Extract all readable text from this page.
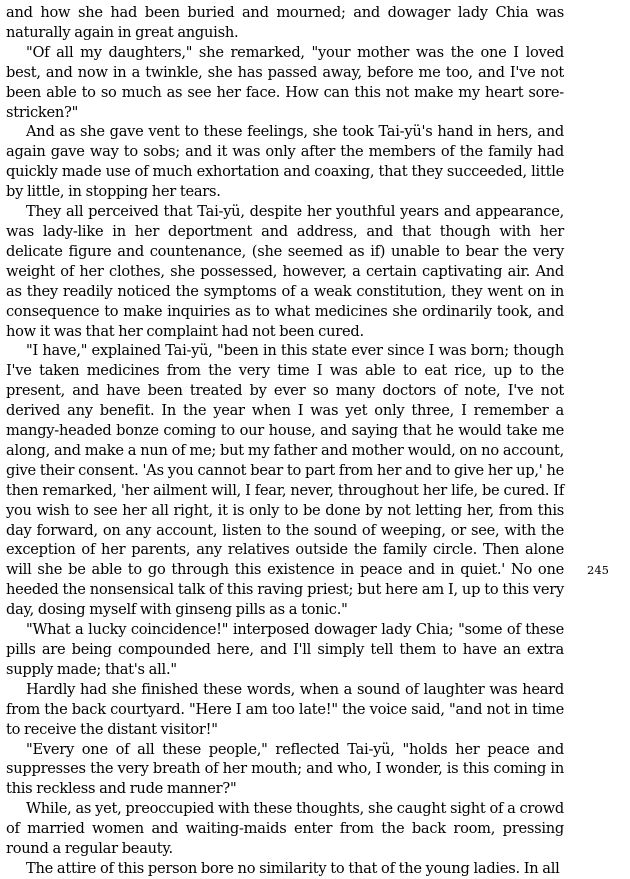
and how she had been buried and mourned; and dowager lady Chia was naturally again in great anguish.

"Of all my daughters," she remarked, "your mother was the one I loved best, and now in a twinkle, she has passed away, before me too, and I've not been able to so much as see her face. How can this not make my heart sore-stricken?"

And as she gave vent to these feelings, she took Tai-yü's hand in hers, and again gave way to sobs; and it was only after the members of the family had quickly made use of much exhortation and coaxing, that they succeeded, little by little, in stopping her tears.

They all perceived that Tai-yü, despite her youthful years and appearance, was lady-like in her deportment and address, and that though with her delicate figure and countenance, (she seemed as if) unable to bear the very weight of her clothes, she possessed, however, a certain captivating air. And as they readily noticed the symptoms of a weak constitution, they went on in consequence to make inquiries as to what medicines she ordinarily took, and how it was that her complaint had not been cured.

"I have," explained Tai-yü, "been in this state ever since I was born; though I've taken medicines from the very time I was able to eat rice, up to the present, and have been treated by ever so many doctors of note, I've not derived any benefit. In the year when I was yet only three, I remember a mangy-headed bonze coming to our house, and saying that he would take me along, and make a nun of me; but my father and mother would, on no account, give their consent. 'As you cannot bear to part from her and to give her up,' he then remarked, 'her ailment will, I fear, never, throughout her life, be cured. If you wish to see her all right, it is only to be done by not letting her, from this day forward, on any account, listen to the sound of weeping, or see, with the exception of her parents, any relatives outside the family circle. Then alone will she be able to go through this existence in peace and in quiet.' No one heeded the nonsensical talk of this raving priest; but here am I, up to this very day, dosing myself with ginseng pills as a tonic."

"What a lucky coincidence!" interposed dowager lady Chia; "some of these pills are being compounded here, and I'll simply tell them to have an extra supply made; that's all."

Hardly had she finished these words, when a sound of laughter was heard from the back courtyard. "Here I am too late!" the voice said, "and not in time to receive the distant visitor!"

"Every one of all these people," reflected Tai-yü, "holds her peace and suppresses the very breath of her mouth; and who, I wonder, is this coming in this reckless and rude manner?"

While, as yet, preoccupied with these thoughts, she caught sight of a crowd of married women and waiting-maids enter from the back room, pressing round a regular beauty.

The attire of this person bore no similarity to that of the young ladies. In all

245
